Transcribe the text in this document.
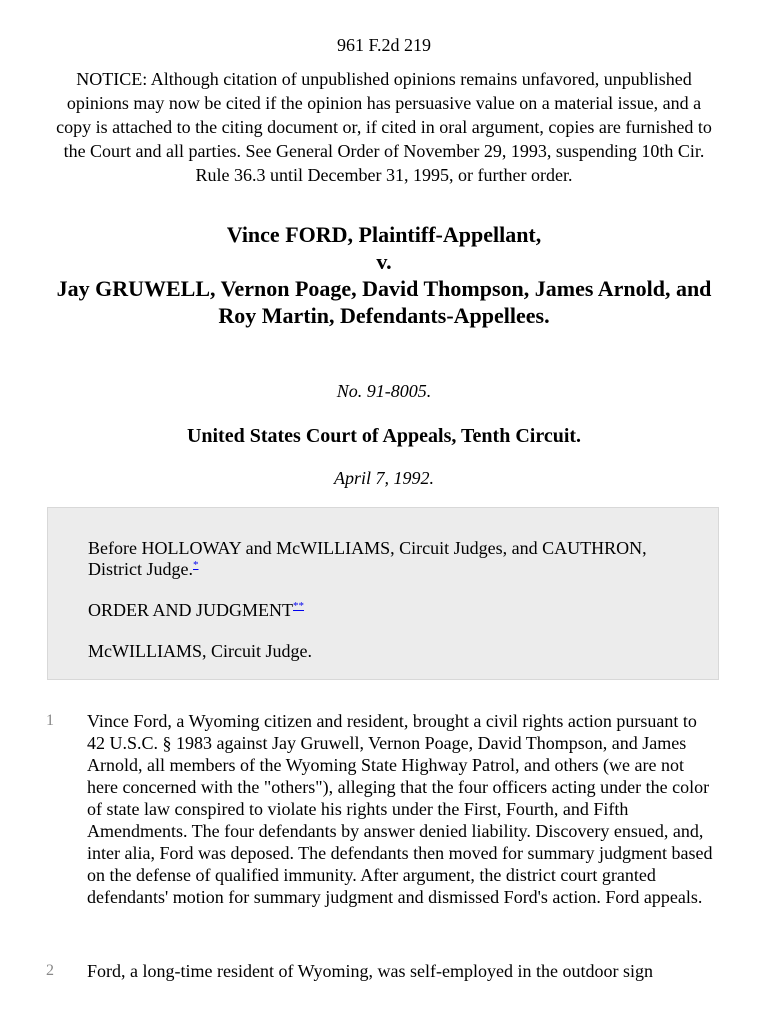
961 F.2d 219
NOTICE: Although citation of unpublished opinions remains unfavored, unpublished opinions may now be cited if the opinion has persuasive value on a material issue, and a copy is attached to the citing document or, if cited in oral argument, copies are furnished to the Court and all parties. See General Order of November 29, 1993, suspending 10th Cir. Rule 36.3 until December 31, 1995, or further order.
Vince FORD, Plaintiff-Appellant,
v.
Jay GRUWELL, Vernon Poage, David Thompson, James Arnold, and
Roy Martin, Defendants-Appellees.
No. 91-8005.
United States Court of Appeals, Tenth Circuit.
April 7, 1992.

Before HOLLOWAY and McWILLIAMS, Circuit Judges, and CAUTHRON, District Judge.*

ORDER AND JUDGMENT**

McWILLIAMS, Circuit Judge.

1 Vince Ford, a Wyoming citizen and resident, brought a civil rights action pursuant to 42 U.S.C. § 1983 against Jay Gruwell, Vernon Poage, David Thompson, and James Arnold, all members of the Wyoming State Highway Patrol, and others (we are not here concerned with the "others"), alleging that the four officers acting under the color of state law conspired to violate his rights under the First, Fourth, and Fifth Amendments. The four defendants by answer denied liability. Discovery ensued, and, inter alia, Ford was deposed. The defendants then moved for summary judgment based on the defense of qualified immunity. After argument, the district court granted defendants' motion for summary judgment and dismissed Ford's action. Ford appeals.
2 Ford, a long-time resident of Wyoming, was self-employed in the outdoor sign
